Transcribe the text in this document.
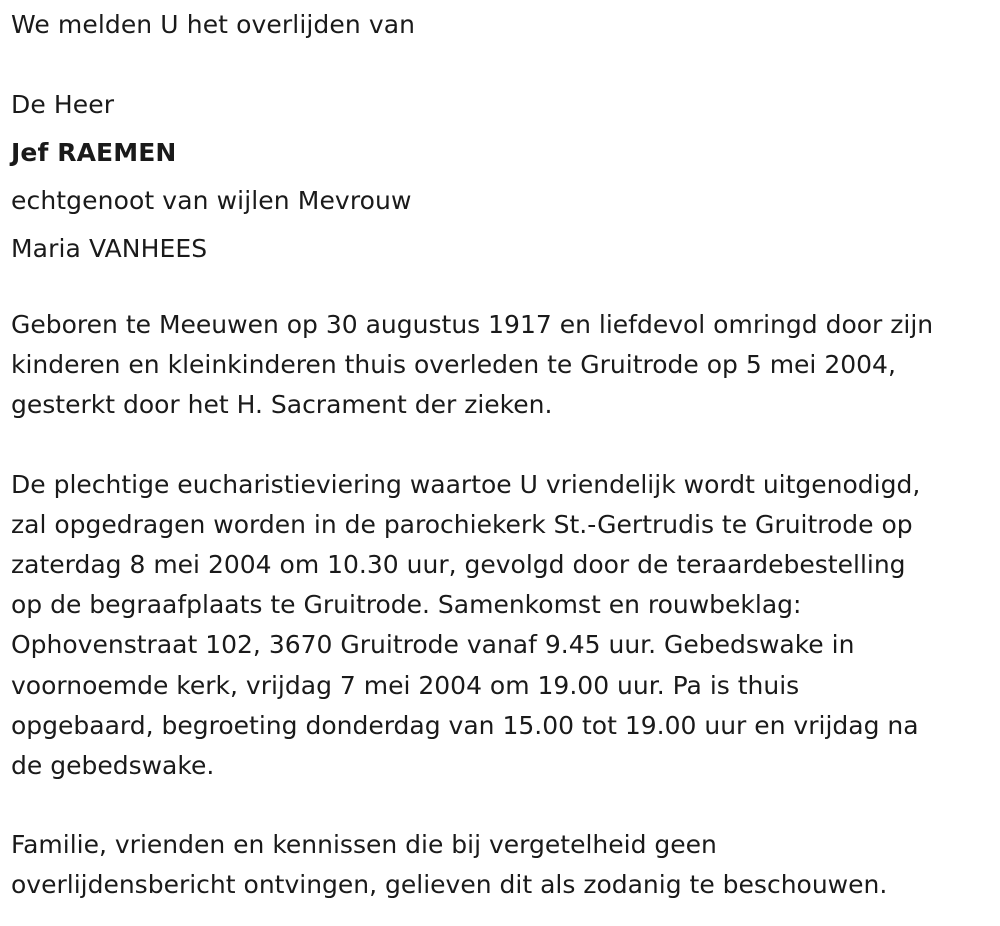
We melden U het overlijden van
De Heer
Jef RAEMEN
echtgenoot van wijlen Mevrouw
Maria VANHEES

Geboren te Meeuwen op 30 augustus 1917 en liefdevol omringd door zijn
kinderen en kleinkinderen thuis overleden te Gruitrode op 5 mei 2004,
gesterkt door het H. Sacrament der zieken.

De plechtige eucharistieviering waartoe U vriendelijk wordt uitgenodigd,
zal opgedragen worden in de parochiekerk St.-Gertrudis te Gruitrode op
zaterdag 8 mei 2004 om 10.30 uur, gevolgd door de teraardebestelling
op de begraafplaats te Gruitrode. Samenkomst en rouwbeklag:
Ophovenstraat 102, 3670 Gruitrode vanaf 9.45 uur. Gebedswake in
voornoemde kerk, vrijdag 7 mei 2004 om 19.00 uur. Pa is thuis
opgebaard, begroeting donderdag van 15.00 tot 19.00 uur en vrijdag na
de gebedswake.

Familie, vrienden en kennissen die bij vergetelheid geen
overlijdensbericht ontvingen, gelieven dit als zodanig te beschouwen.
